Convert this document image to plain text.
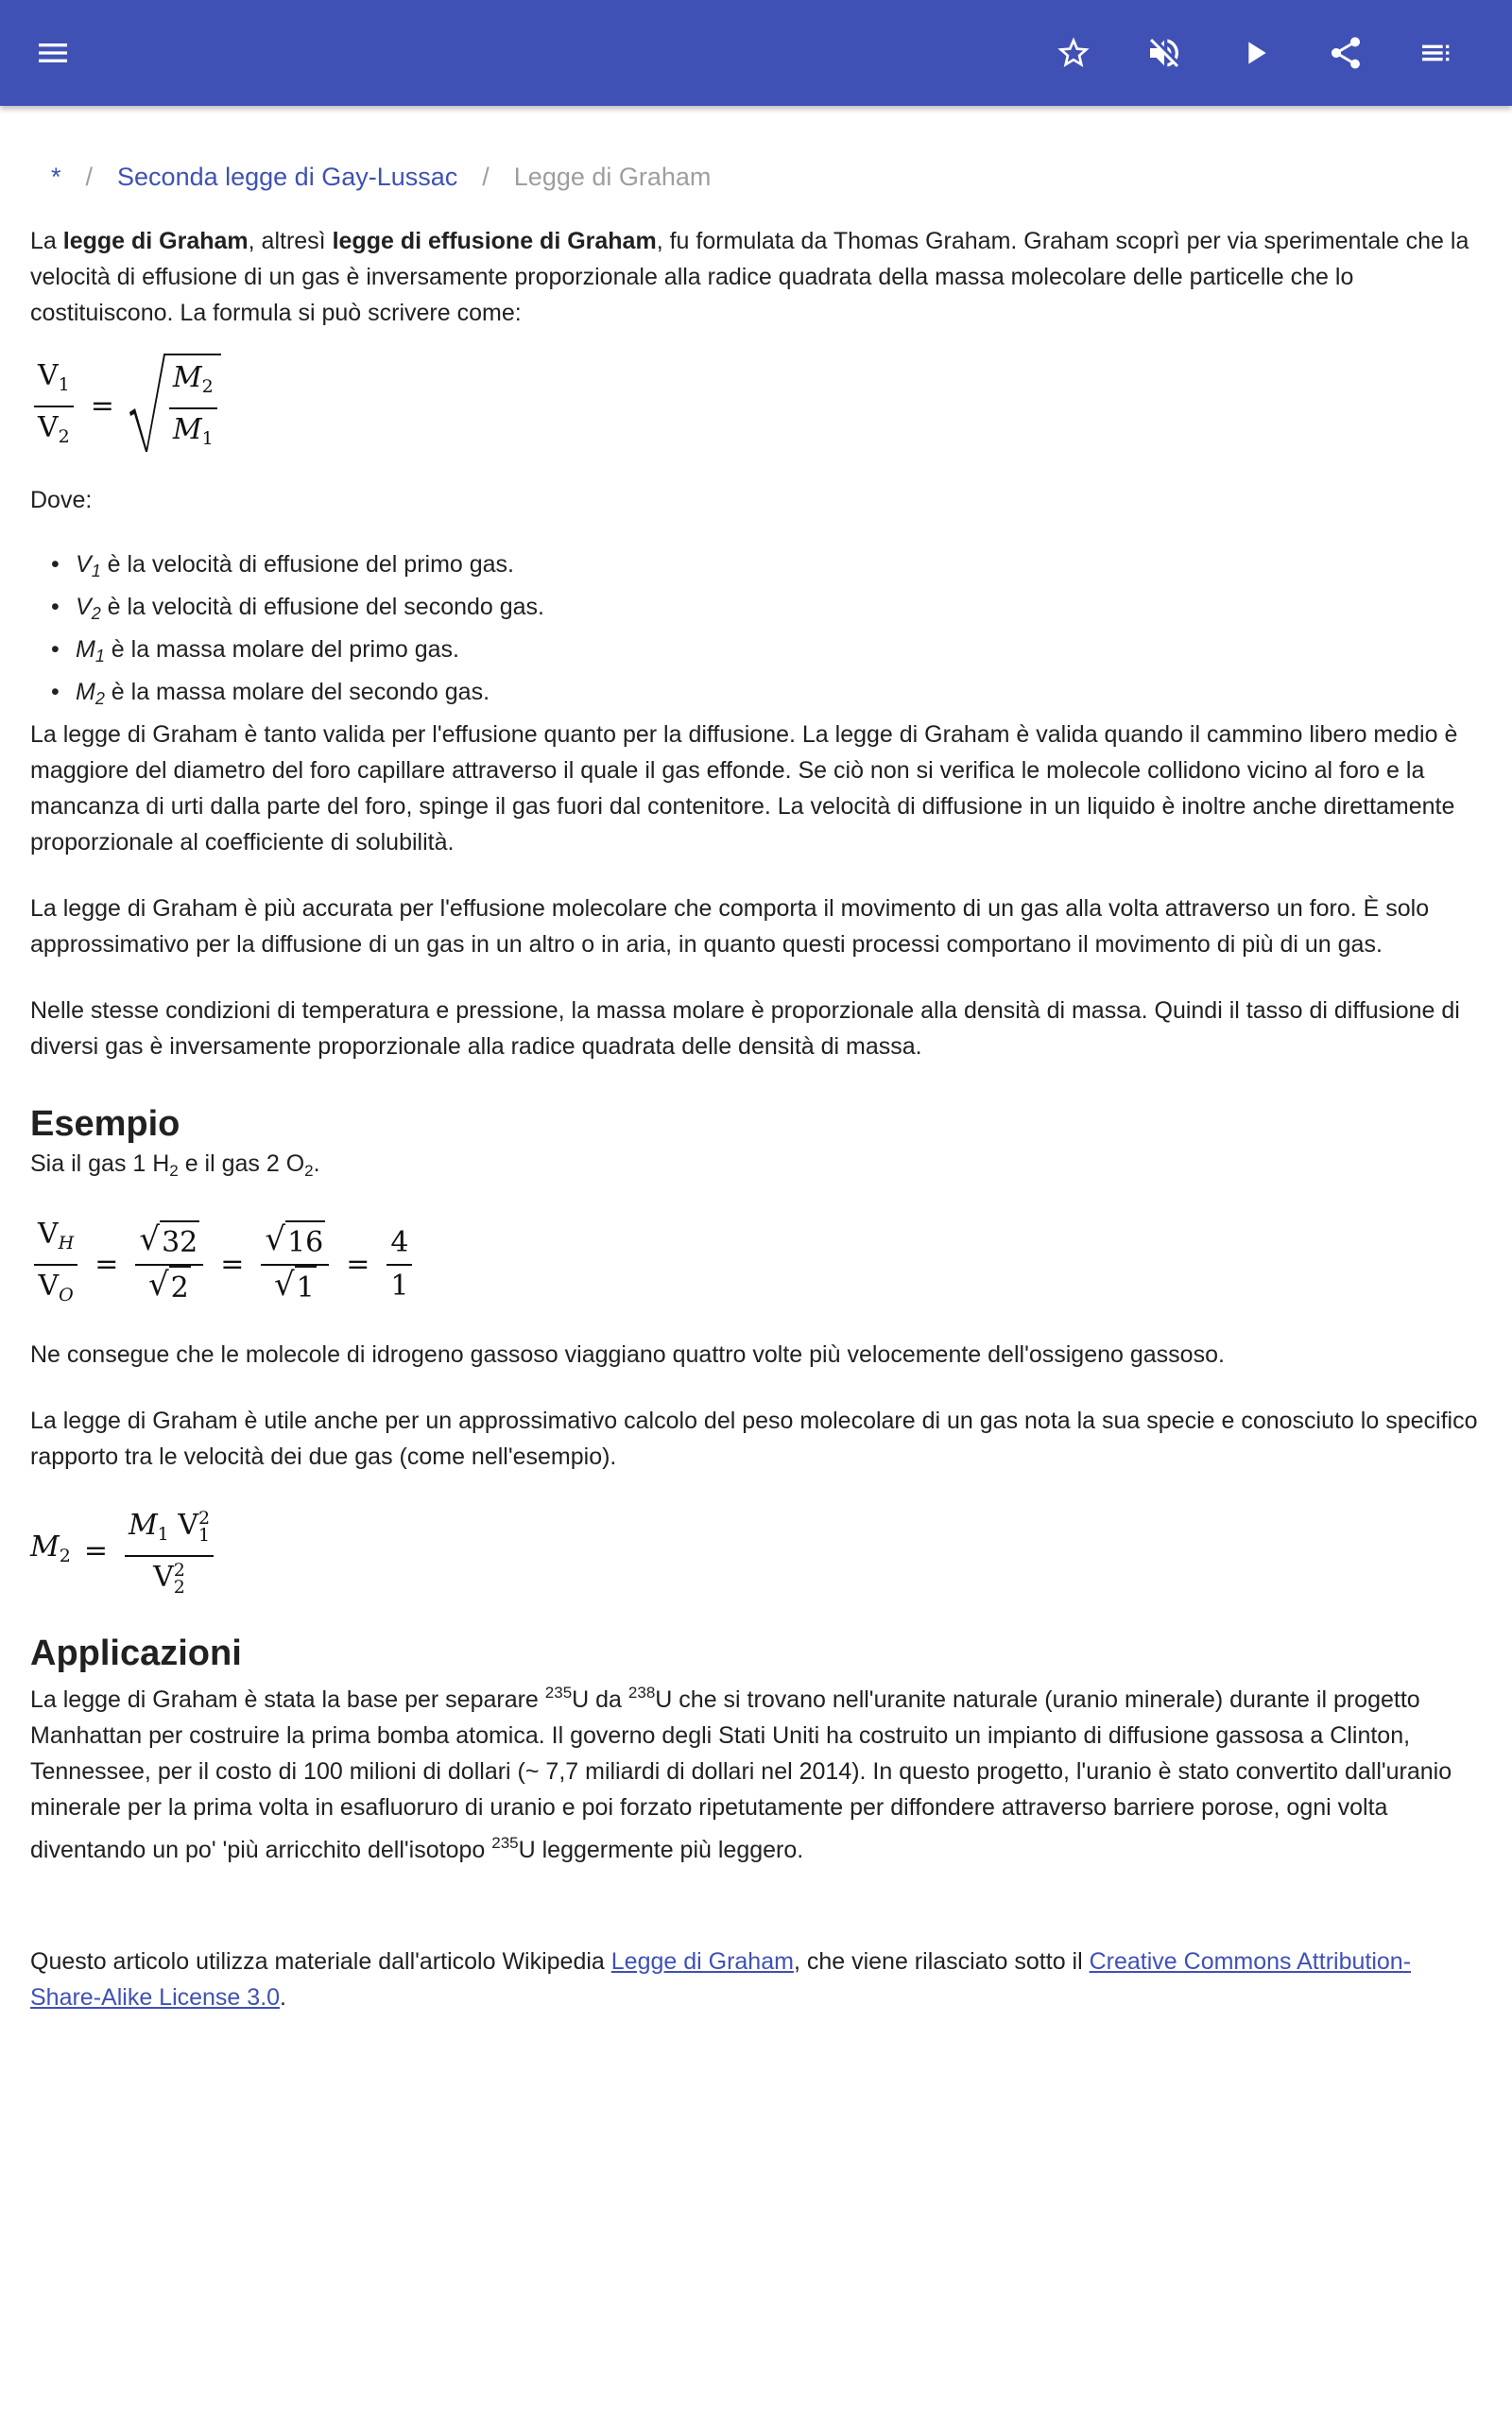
* / Seconda legge di Gay-Lussac / Legge di Graham

La legge di Graham, altresì legge di effusione di Graham, fu formulata da Thomas Graham. Graham scoprì per via sperimentale che la velocità di effusione di un gas è inversamente proporzionale alla radice quadrata della massa molecolare delle particelle che lo costituiscono. La formula si può scrivere come:

$\frac{V_1}{V_2} = \frac{M_2}{M_1}$

Dove:

• $V_1$ è la velocità di effusione del primo gas.
• $V_2$ è la velocità di effusione del secondo gas.
• $M_1$ è la massa molare del primo gas.
• $M_2$ è la massa molare del secondo gas.

La legge di Graham è tanto valida per l'effusione quanto per la diffusione. La legge di Graham è valida quando il cammino libero medio è maggiore del diametro del foro capillare attraverso il quale il gas effonde. Se ciò non si verifica le molecole collidono vicino al foro e la mancanza di urti dalla parte del foro, spinge il gas fuori dal contenitore. La velocità di diffusione in un liquido è inoltre anche direttamente proporzionale al coefficiente di solubilità.

La legge di Graham è più accurata per l'effusione molecolare che comporta il movimento di un gas alla volta attraverso un foro. È solo approssimativo per la diffusione di un gas in un altro o in aria, in quanto questi processi comportano il movimento di più di un gas.

Nelle stesse condizioni di temperatura e pressione, la massa molare è proporzionale alla densità di massa. Quindi il tasso di diffusione di diversi gas è inversamente proporzionale alla radice quadrata delle densità di massa.

Esempio

Sia il gas 1 $H_2$ e il gas 2 $O_2$.

$\frac{V_H}{V_O} = \frac{√ 32}{√ 2} = \frac{√ 16}{√ 1} = \frac{4}{1}$

Ne consegue che le molecole di idrogeno gassoso viaggiano quattro volte più velocemente dell'ossigeno gassoso.

La legge di Graham è utile anche per un approssimativo calcolo del peso molecolare di un gas nota la sua specie e conosciuto lo specifico rapporto tra le velocità dei due gas (come nell'esempio).

$M_2 = M_1$ V 2
1
V 2
2
Applicazioni

La legge di Graham è stata la base per separare $^{235}$U da $^{238}$U che si trovano nell'uranite naturale (uranio minerale) durante il progetto Manhattan per costruire la prima bomba atomica. Il governo degli Stati Uniti ha costruito un impianto di diffusione gassosa a Clinton, Tennessee, per il costo di 100 milioni di dollari (~ 7,7 miliardi di dollari nel 2014). In questo progetto, l'uranio è stato convertito dall'uranio minerale per la prima volta in esafluoruro di uranio e poi forzato ripetutamente per diffondere attraverso barriere porose, ogni volta diventando un po' 'più arricchito dell'isotopo $^{235}$U leggermente più leggero.

Questo articolo utilizza materiale dall'articolo Wikipedia Legge di Graham, che viene rilasciato sotto il Creative Commons Attribution-Share-Alike License 3.0.
